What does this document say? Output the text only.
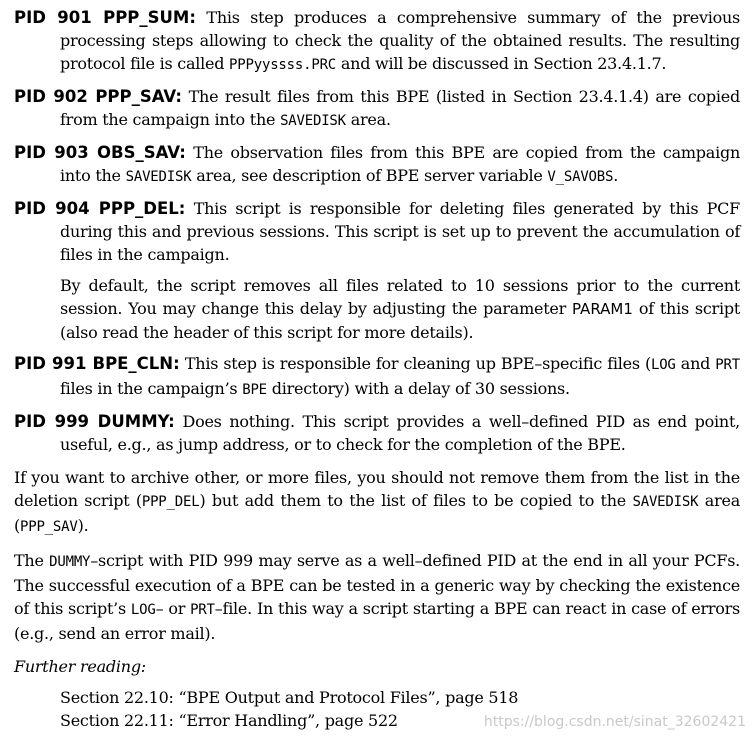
PID 901 PPP_SUM: This step produces a comprehensive summary of the previous processing steps allowing to check the quality of the obtained results. The resulting protocol file is called PPPyyssss.PRC and will be discussed in Section 23.4.1.7.
PID 902 PPP_SAV: The result files from this BPE (listed in Section 23.4.1.4) are copied from the campaign into the SAVEDISK area.
PID 903 OBS_SAV: The observation files from this BPE are copied from the campaign into the SAVEDISK area, see description of BPE server variable V_SAVOBS.
PID 904 PPP_DEL: This script is responsible for deleting files generated by this PCF during this and previous sessions. This script is set up to prevent the accumulation of files in the campaign.
By default, the script removes all files related to 10 sessions prior to the current session. You may change this delay by adjusting the parameter PARAM1 of this script (also read the header of this script for more details).
PID 991 BPE_CLN: This step is responsible for cleaning up BPE–specific files (LOG and PRT files in the campaign’s BPE directory) with a delay of 30 sessions.
PID 999 DUMMY: Does nothing. This script provides a well–defined PID as end point, useful, e.g., as jump address, or to check for the completion of the BPE.
If you want to archive other, or more files, you should not remove them from the list in the deletion script (PPP_DEL) but add them to the list of files to be copied to the SAVEDISK area (PPP_SAV).
The DUMMY–script with PID 999 may serve as a well–defined PID at the end in all your PCFs. The successful execution of a BPE can be tested in a generic way by checking the existence of this script’s LOG– or PRT–file. In this way a script starting a BPE can react in case of errors (e.g., send an error mail).
Further reading:
Section 22.10: “BPE Output and Protocol Files”, page 518
Section 22.11: “Error Handling”, page 522	https://blog.csdn.net/sinat_32602421
